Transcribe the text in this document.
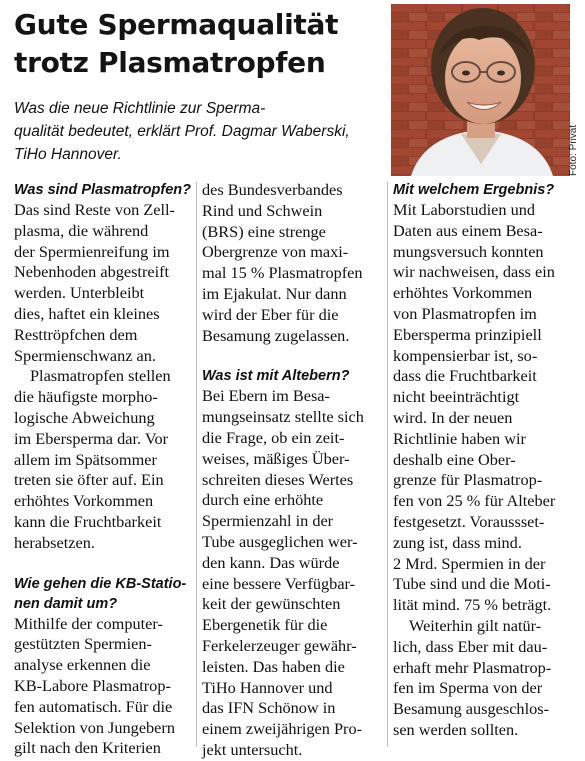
Gute Spermaqualität
trotz Plasmatropfen

Was die neue Richtlinie zur Sperma-
qualität bedeutet, erklärt Prof. Dagmar Waberski,
TiHo Hannover.	Foto: Privat

Was sind Plasmatropfen?

Das sind Reste von Zell-
plasma, die während
der Spermienreifung im
Nebenhoden abgestreift
werden. Unterbleibt
dies, haftet ein kleines
Resttröpfchen dem
Spermienschwanz an.

Plasmatropfen stellen
die häufigste morpho-
logische Abweichung
im Ebersperma dar. Vor
allem im Spätsommer
treten sie öfter auf. Ein
erhöhtes Vorkommen
kann die Fruchtbarkeit
herabsetzen.

Wie gehen die KB-Statio-
nen damit um?

Mithilfe der computer-
gestützten Spermien-
analyse erkennen die
KB-Labore Plasmatrop-
fen automatisch. Für die
Selektion von Jungebern
gilt nach den Kriterien

des Bundesverbandes
Rind und Schwein
(BRS) eine strenge
Obergrenze von maxi-
mal 15 % Plasmatropfen
im Ejakulat. Nur dann
wird der Eber für die
Besamung zugelassen.

Was ist mit Altebern?

Bei Ebern im Besa-
mungseinsatz stellte sich
die Frage, ob ein zeit-
weises, mäßiges Über-
schreiten dieses Wertes
durch eine erhöhte
Spermienzahl in der
Tube ausgeglichen wer-
den kann. Das würde
eine bessere Verfügbar-
keit der gewünschten
Ebergenetik für die
Ferkelerzeuger gewähr-
leisten. Das haben die
TiHo Hannover und
das IFN Schönow in
einem zweijährigen Pro-
jekt untersucht.

Mit welchem Ergebnis?

Mit Laborstudien und
Daten aus einem Besa-
mungsversuch konnten
wir nachweisen, dass ein
erhöhtes Vorkommen
von Plasmatropfen im
Ebersperma prinzipiell
kompensierbar ist, so-
dass die Fruchtbarkeit
nicht beeinträchtigt
wird. In der neuen
Richtlinie haben wir
deshalb eine Ober-
grenze für Plasmatrop-
fen von 25 % für Alteber
festgesetzt. Voraussset-
zung ist, dass mind.
2 Mrd. Spermien in der
Tube sind und die Moti-
lität mind. 75 % beträgt.

Weiterhin gilt natür-
lich, dass Eber mit dau-
erhaft mehr Plasmatrop-
fen im Sperma von der
Besamung ausgeschlos-
sen werden sollten.
